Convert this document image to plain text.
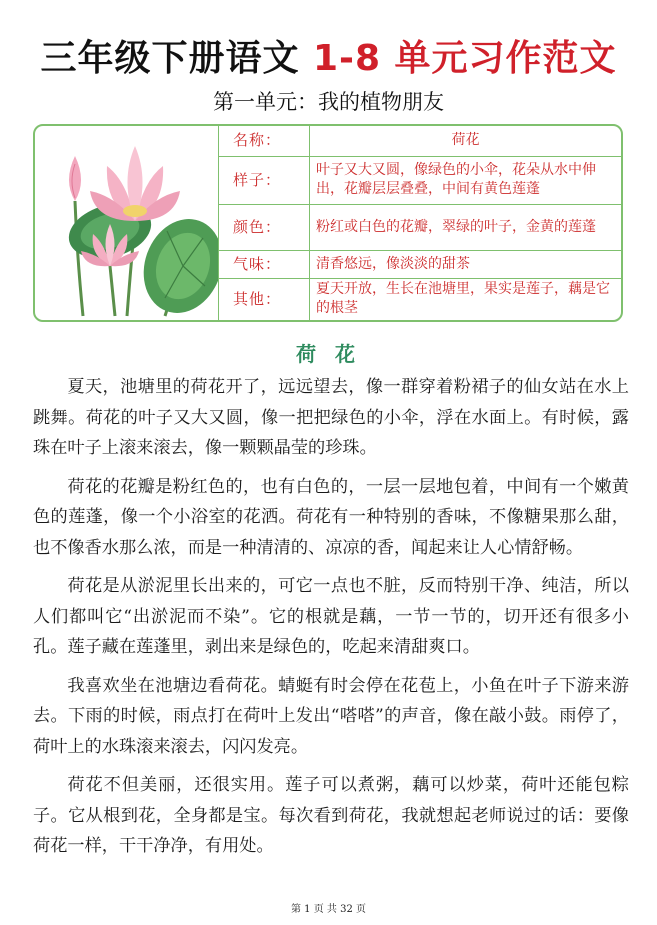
三年级下册语文 1-8 单元习作范文
第一单元：我的植物朋友
名称：	荷花
样子：	叶子又大又圆，像绿色的小伞，花朵从水中伸出，花瓣层层叠叠，中间有黄色莲蓬
颜色：	粉红或白色的花瓣，翠绿的叶子，金黄的莲蓬
气味：	清香悠远，像淡淡的甜茶
其他：	夏天开放，生长在池塘里，果实是莲子，藕是它的根茎
荷 花

夏天，池塘里的荷花开了，远远望去，像一群穿着粉裙子的仙女站在水上跳舞。荷花的叶子又大又圆，像一把把绿色的小伞，浮在水面上。有时候，露珠在叶子上滚来滚去，像一颗颗晶莹的珍珠。

荷花的花瓣是粉红色的，也有白色的，一层一层地包着，中间有一个嫩黄色的莲蓬，像一个小浴室的花洒。荷花有一种特别的香味，不像糖果那么甜，也不像香水那么浓，而是一种清清的、凉凉的香，闻起来让人心情舒畅。

荷花是从淤泥里长出来的，可它一点也不脏，反而特别干净、纯洁，所以人们都叫它“出淤泥而不染”。它的根就是藕，一节一节的，切开还有很多小孔。莲子藏在莲蓬里，剥出来是绿色的，吃起来清甜爽口。

我喜欢坐在池塘边看荷花。蜻蜓有时会停在花苞上，小鱼在叶子下游来游去。下雨的时候，雨点打在荷叶上发出“嗒嗒”的声音，像在敲小鼓。雨停了，荷叶上的水珠滚来滚去，闪闪发亮。

荷花不但美丽，还很实用。莲子可以煮粥，藕可以炒菜，荷叶还能包粽子。它从根到花，全身都是宝。每次看到荷花，我就想起老师说过的话：要像荷花一样，干干净净，有用处。

第 1 页 共 32 页
